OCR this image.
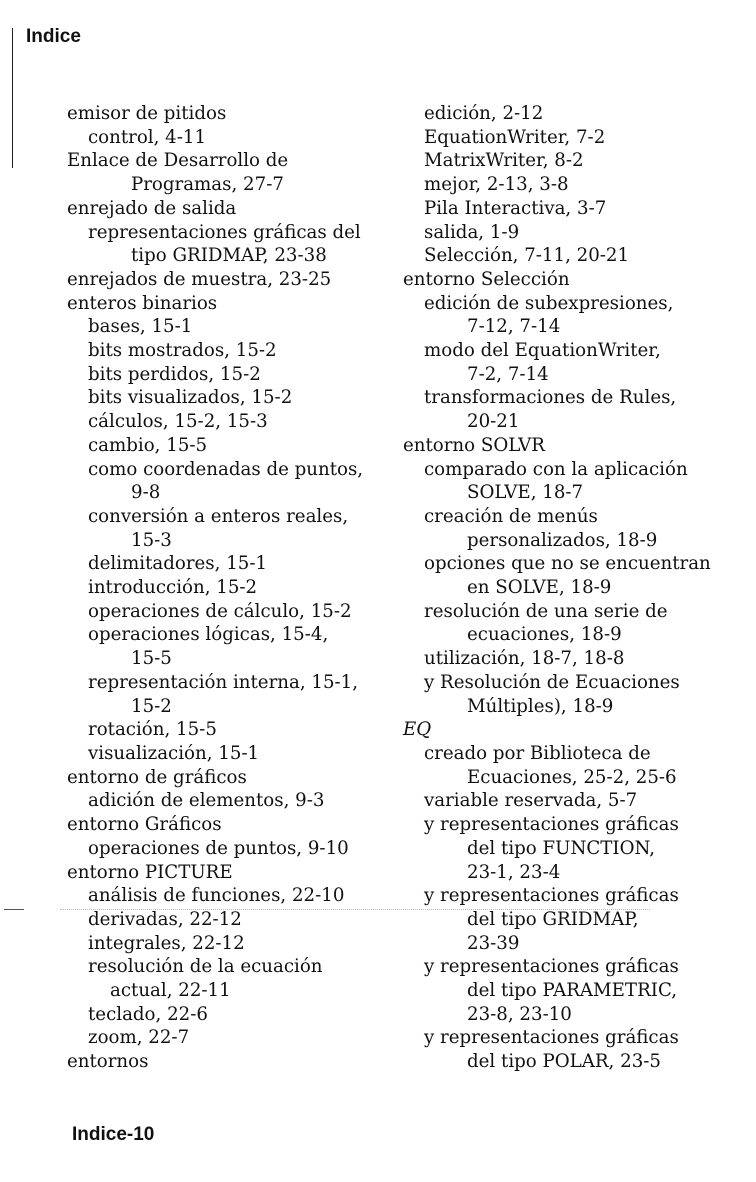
Indice
emisor de pitidos
control, 4-11
Enlace de Desarrollo de
Programas, 27-7
enrejado de salida
representaciones gráficas del
tipo GRIDMAP, 23-38
enrejados de muestra, 23-25
enteros binarios
bases, 15-1
bits mostrados, 15-2
bits perdidos, 15-2
bits visualizados, 15-2
cálculos, 15-2, 15-3
cambio, 15-5
como coordenadas de puntos,
9-8
conversión a enteros reales,
15-3
delimitadores, 15-1
introducción, 15-2
operaciones de cálculo, 15-2
operaciones lógicas, 15-4,
15-5
representación interna, 15-1,
15-2
rotación, 15-5
visualización, 15-1
entorno de gráficos
adición de elementos, 9-3
entorno Gráficos
operaciones de puntos, 9-10
entorno PICTURE
análisis de funciones, 22-10
derivadas, 22-12
integrales, 22-12
resolución de la ecuación
actual, 22-11
teclado, 22-6
zoom, 22-7
entornos
edición, 2-12
EquationWriter, 7-2
MatrixWriter, 8-2
mejor, 2-13, 3-8
Pila Interactiva, 3-7
salida, 1-9
Selección, 7-11, 20-21
entorno Selección
edición de subexpresiones,
7-12, 7-14
modo del EquationWriter,
7-2, 7-14
transformaciones de Rules,
20-21
entorno SOLVR
comparado con la aplicación
SOLVE, 18-7
creación de menús
personalizados, 18-9
opciones que no se encuentran
en SOLVE, 18-9
resolución de una serie de
ecuaciones, 18-9
utilización, 18-7, 18-8
y Resolución de Ecuaciones
Múltiples), 18-9
EQ
creado por Biblioteca de
Ecuaciones, 25-2, 25-6
variable reservada, 5-7
y representaciones gráficas
del tipo FUNCTION,
23-1, 23-4
y representaciones gráficas
del tipo GRIDMAP,
23-39
y representaciones gráficas
del tipo PARAMETRIC,
23-8, 23-10
y representaciones gráficas
del tipo POLAR, 23-5
Indice-10
